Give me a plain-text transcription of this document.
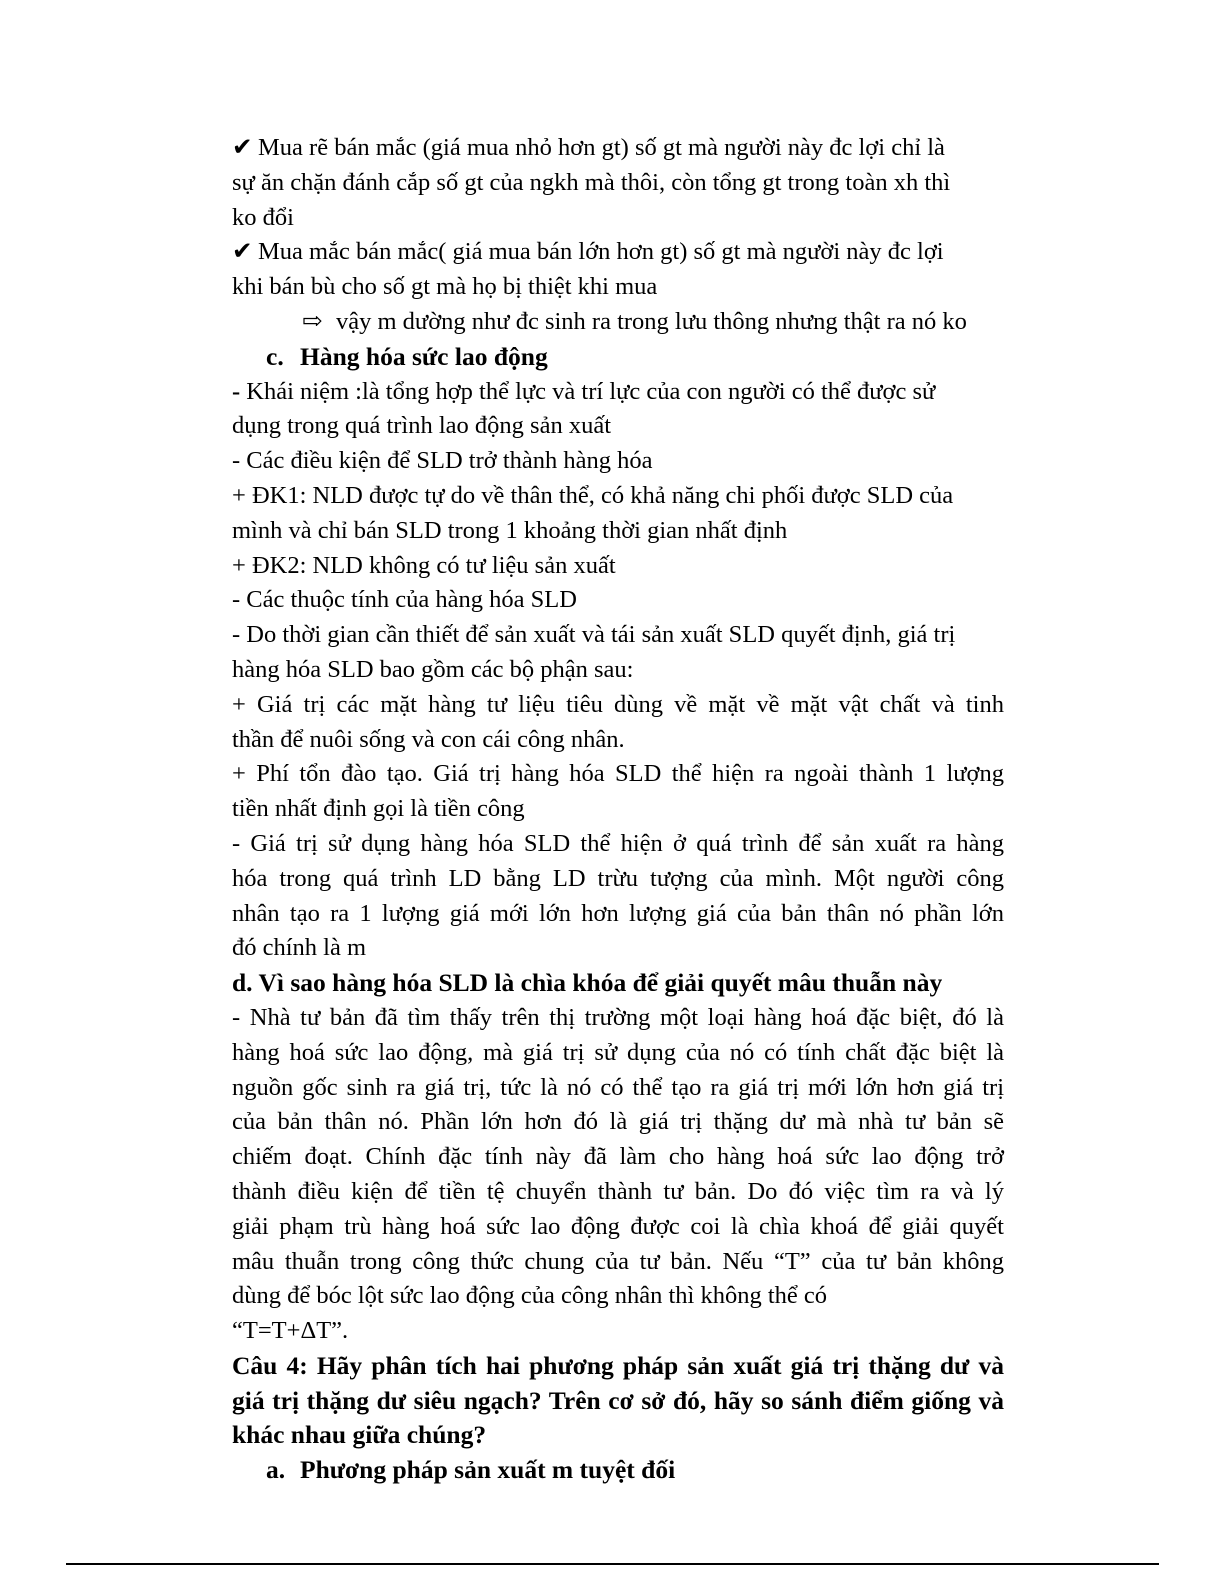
✔ Mua rẽ bán mắc (giá mua nhỏ hơn gt) số gt mà người này đc lợi chỉ là
sự ăn chặn đánh cắp số gt của ngkh mà thôi, còn tổng gt trong toàn xh thì
ko đổi
✔ Mua mắc bán mắc( giá mua bán lớn hơn gt) số gt mà người này đc lợi
khi bán bù cho số gt mà họ bị thiệt khi mua
⇨ vậy m dường như đc sinh ra trong lưu thông nhưng thật ra nó ko
c. Hàng hóa sức lao động
- Khái niệm :là tổng hợp thể lực và trí lực của con người có thể được sử
dụng trong quá trình lao động sản xuất
- Các điều kiện để SLD trở thành hàng hóa
+ ĐK1: NLD được tự do về thân thể, có khả năng chi phối được SLD của
mình và chỉ bán SLD trong 1 khoảng thời gian nhất định
+ ĐK2: NLD không có tư liệu sản xuất
- Các thuộc tính của hàng hóa SLD
- Do thời gian cần thiết để sản xuất và tái sản xuất SLD quyết định, giá trị
hàng hóa SLD bao gồm các bộ phận sau:
+ Giá trị các mặt hàng tư liệu tiêu dùng về mặt về mặt vật chất và tinh
thần để nuôi sống và con cái công nhân.
+ Phí tổn đào tạo. Giá trị hàng hóa SLD thể hiện ra ngoài thành 1 lượng
tiền nhất định gọi là tiền công
- Giá trị sử dụng hàng hóa SLD thể hiện ở quá trình để sản xuất ra hàng
hóa trong quá trình LD bằng LD trừu tượng của mình. Một người công
nhân tạo ra 1 lượng giá mới lớn hơn lượng giá của bản thân nó phần lớn
đó chính là m
d. Vì sao hàng hóa SLD là chìa khóa để giải quyết mâu thuẫn này
- Nhà tư bản đã tìm thấy trên thị trường một loại hàng hoá đặc biệt, đó là
hàng hoá sức lao động, mà giá trị sử dụng của nó có tính chất đặc biệt là
nguồn gốc sinh ra giá trị, tức là nó có thể tạo ra giá trị mới lớn hơn giá trị
của bản thân nó. Phần lớn hơn đó là giá trị thặng dư mà nhà tư bản sẽ
chiếm đoạt. Chính đặc tính này đã làm cho hàng hoá sức lao động trở
thành điều kiện để tiền tệ chuyển thành tư bản. Do đó việc tìm ra và lý
giải phạm trù hàng hoá sức lao động được coi là chìa khoá để giải quyết
mâu thuẫn trong công thức chung của tư bản. Nếu “T” của tư bản không
dùng để bóc lột sức lao động của công nhân thì không thể có
“T=T+ΔT”.
Câu 4: Hãy phân tích hai phương pháp sản xuất giá trị thặng dư và
giá trị thặng dư siêu ngạch? Trên cơ sở đó, hãy so sánh điểm giống và
khác nhau giữa chúng?
a. Phương pháp sản xuất m tuyệt đối
